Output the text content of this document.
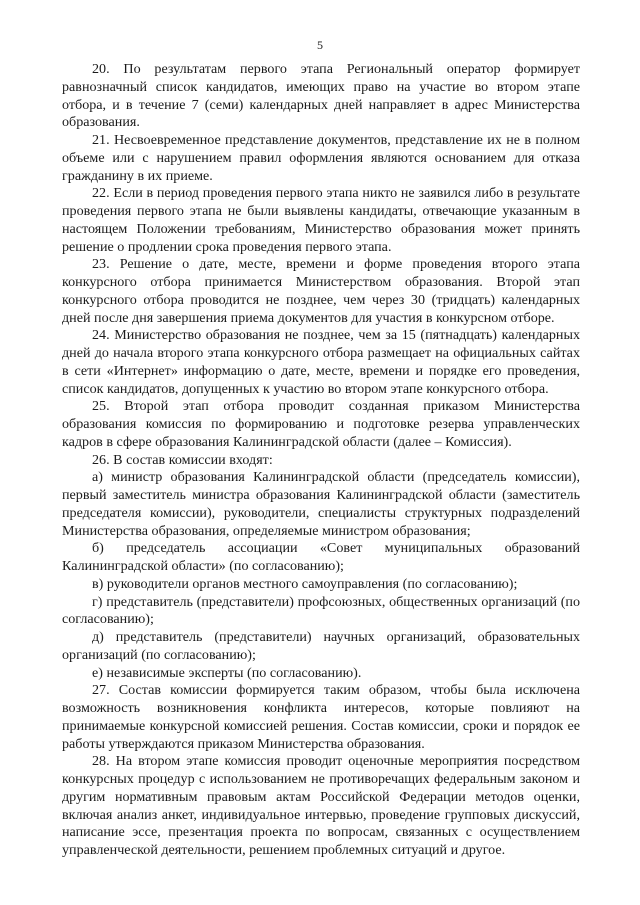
5

20. По результатам первого этапа Региональный оператор формирует равнозначный список кандидатов, имеющих право на участие во втором этапе отбора, и в течение 7 (семи) календарных дней направляет в адрес Министерства образования.

21. Несвоевременное представление документов, представление их не в полном объеме или с нарушением правил оформления являются основанием для отказа гражданину в их приеме.

22. Если в период проведения первого этапа никто не заявился либо в результате проведения первого этапа не были выявлены кандидаты, отвечающие указанным в настоящем Положении требованиям, Министерство образования может принять решение о продлении срока проведения первого этапа.

23. Решение о дате, месте, времени и форме проведения второго этапа конкурсного отбора принимается Министерством образования. Второй этап конкурсного отбора проводится не позднее, чем через 30 (тридцать) календарных дней после дня завершения приема документов для участия в конкурсном отборе.

24. Министерство образования не позднее, чем за 15 (пятнадцать) календарных дней до начала второго этапа конкурсного отбора размещает на официальных сайтах в сети «Интернет» информацию о дате, месте, времени и порядке его проведения, список кандидатов, допущенных к участию во втором этапе конкурсного отбора.

25. Второй этап отбора проводит созданная приказом Министерства образования комиссия по формированию и подготовке резерва управленческих кадров в сфере образования Калининградской области (далее – Комиссия).

26. В состав комиссии входят:

а) министр образования Калининградской области (председатель комиссии), первый заместитель министра образования Калининградской области (заместитель председателя комиссии), руководители, специалисты структурных подразделений Министерства образования, определяемые министром образования;

б) председатель ассоциации «Совет муниципальных образований Калининградской области» (по согласованию);

в) руководители органов местного самоуправления (по согласованию);

г) представитель (представители) профсоюзных, общественных организаций (по согласованию);

д) представитель (представители) научных организаций, образовательных организаций (по согласованию);

е) независимые эксперты (по согласованию).

27. Состав комиссии формируется таким образом, чтобы была исключена возможность возникновения конфликта интересов, которые повлияют на принимаемые конкурсной комиссией решения. Состав комиссии, сроки и порядок ее работы утверждаются приказом Министерства образования.

28. На втором этапе комиссия проводит оценочные мероприятия посредством конкурсных процедур с использованием не противоречащих федеральным законом и другим нормативным правовым актам Российской Федерации методов оценки, включая анализ анкет, индивидуальное интервью, проведение групповых дискуссий, написание эссе, презентация проекта по вопросам, связанных с осуществлением управленческой деятельности, решением проблемных ситуаций и другое.
